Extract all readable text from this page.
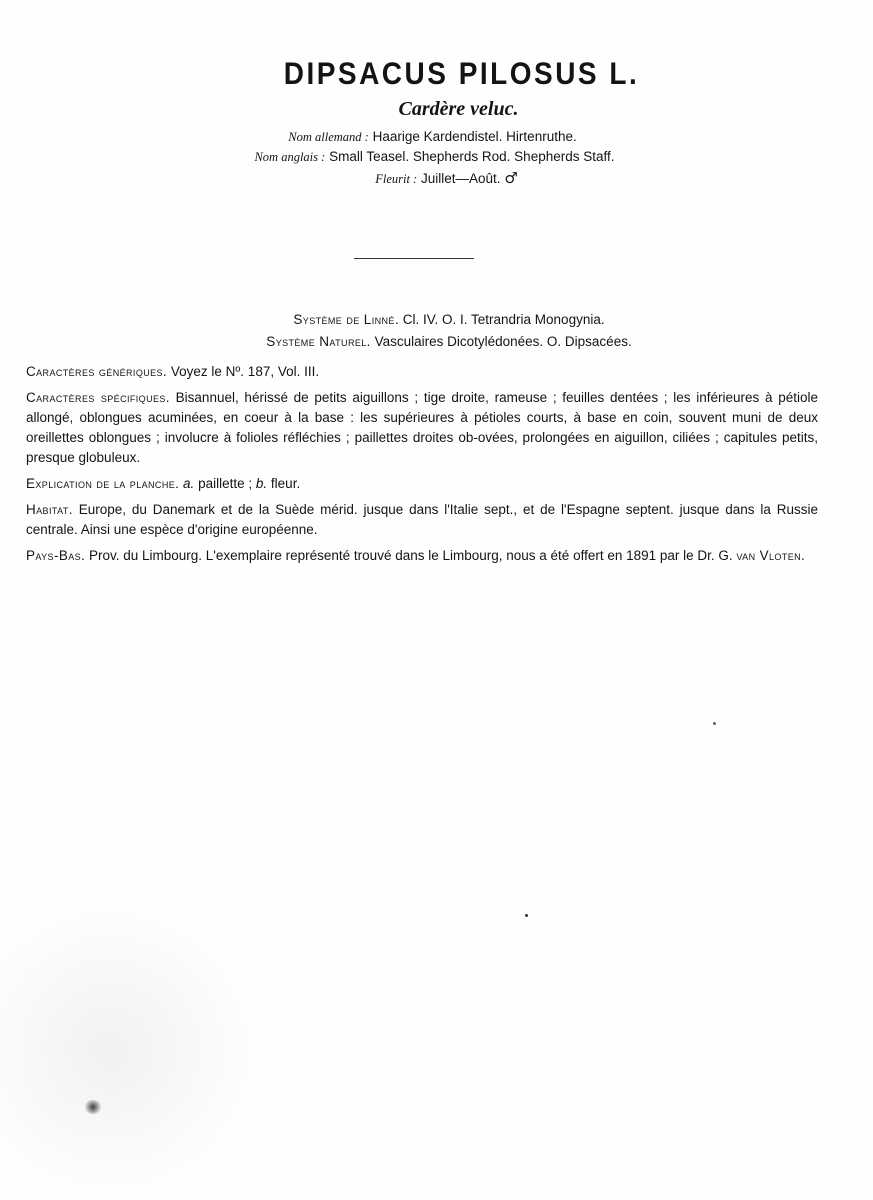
DIPSACUS PILOSUS L.

Cardère veluc.

Nom allemand : Haarige Kardendistel. Hirtenruthe.

Nom anglais : Small Teasel. Shepherds Rod. Shepherds Staff.

Fleurit : Juillet—Août. ♂

Système de Linné. Cl. IV. O. I. Tetrandria Monogynia.

Système Naturel. Vasculaires Dicotylédonées. O. Dipsacées.

Caractères génériques. Voyez le Nº. 187, Vol. III.

Caractères spécifiques. Bisannuel, hérissé de petits aiguillons ; tige droite, rameuse ; feuilles dentées ; les inférieures à pétiole allongé, oblongues acuminées, en coeur à la base : les supérieures à pétioles courts, à base en coin, souvent muni de deux oreillettes oblongues ; involucre à folioles réfléchies ; paillettes droites ob-ovées, prolongées en aiguillon, ciliées ; capitules petits, presque globuleux.

Explication de la planche. a. paillette ; b. fleur.

Habitat. Europe, du Danemark et de la Suède mérid. jusque dans l'Italie sept., et de l'Espagne septent. jusque dans la Russie centrale. Ainsi une espèce d'origine européenne.

Pays-Bas. Prov. du Limbourg. L'exemplaire représenté trouvé dans le Limbourg, nous a été offert en 1891 par le Dr. G. van Vloten.
